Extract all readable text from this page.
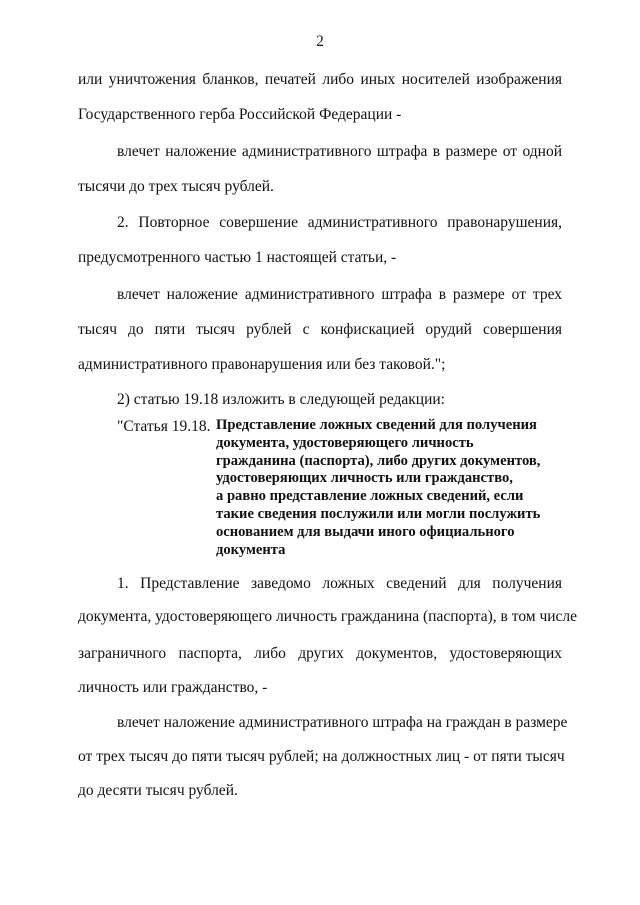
2
или уничтожения бланков, печатей либо иных носителей изображения
Государственного герба Российской Федерации -
влечет наложение административного штрафа в размере от одной
тысячи до трех тысяч рублей.
2. Повторное совершение административного правонарушения,
предусмотренного частью 1 настоящей статьи, -
влечет наложение административного штрафа в размере от трех
тысяч до пяти тысяч рублей с конфискацией орудий совершения
административного правонарушения или без таковой.";
2) статью 19.18 изложить в следующей редакции:
"Статья 19.18. Представление ложных сведений для получения
документа, удостоверяющего личность
гражданина (паспорта), либо других документов,
удостоверяющих личность или гражданство,
а равно представление ложных сведений, если
такие сведения послужили или могли послужить
основанием для выдачи иного официального
документа
1. Представление заведомо ложных сведений для получения
документа, удостоверяющего личность гражданина (паспорта), в том числе
заграничного паспорта, либо других документов, удостоверяющих
личность или гражданство, -
влечет наложение административного штрафа на граждан в размере
от трех тысяч до пяти тысяч рублей; на должностных лиц - от пяти тысяч
до десяти тысяч рублей.
